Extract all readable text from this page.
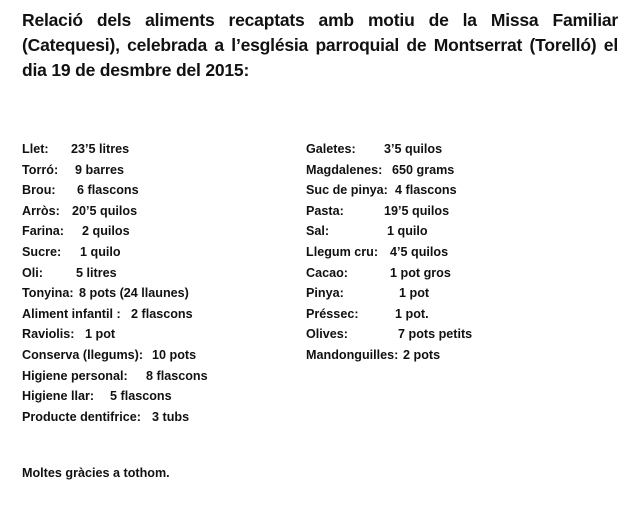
Relació dels aliments recaptats amb motiu de la Missa Familiar
(Catequesi), celebrada a l’església parroquial de Montserrat (Torelló) el
dia 19 de desmbre del 2015:
Llet: 23’5 litres
Torró: 9 barres
Brou: 6 flascons
Arròs: 20’5 quilos
Farina: 2 quilos
Sucre: 1 quilo
Oli:	5 litres
Tonyina: 8 pots (24 llaunes)
Aliment infantil : 2 flascons
Raviolis: 1 pot
Conserva (llegums): 10 pots
Higiene personal: 8 flascons
Higiene llar: 5 flascons
Producte dentifrice: 3 tubs
Galetes: 3’5 quilos
Magdalenes: 650 grams
Suc de pinya: 4 flascons
Pasta:	19’5 quilos
Sal:	1 quilo
Llegum cru: 4’5 quilos
Cacao:	1 pot gros
Pinya:	1 pot
Préssec:	1 pot.
Olives:	7 pots petits
Mandonguilles: 2 pots
Moltes gràcies a tothom.
